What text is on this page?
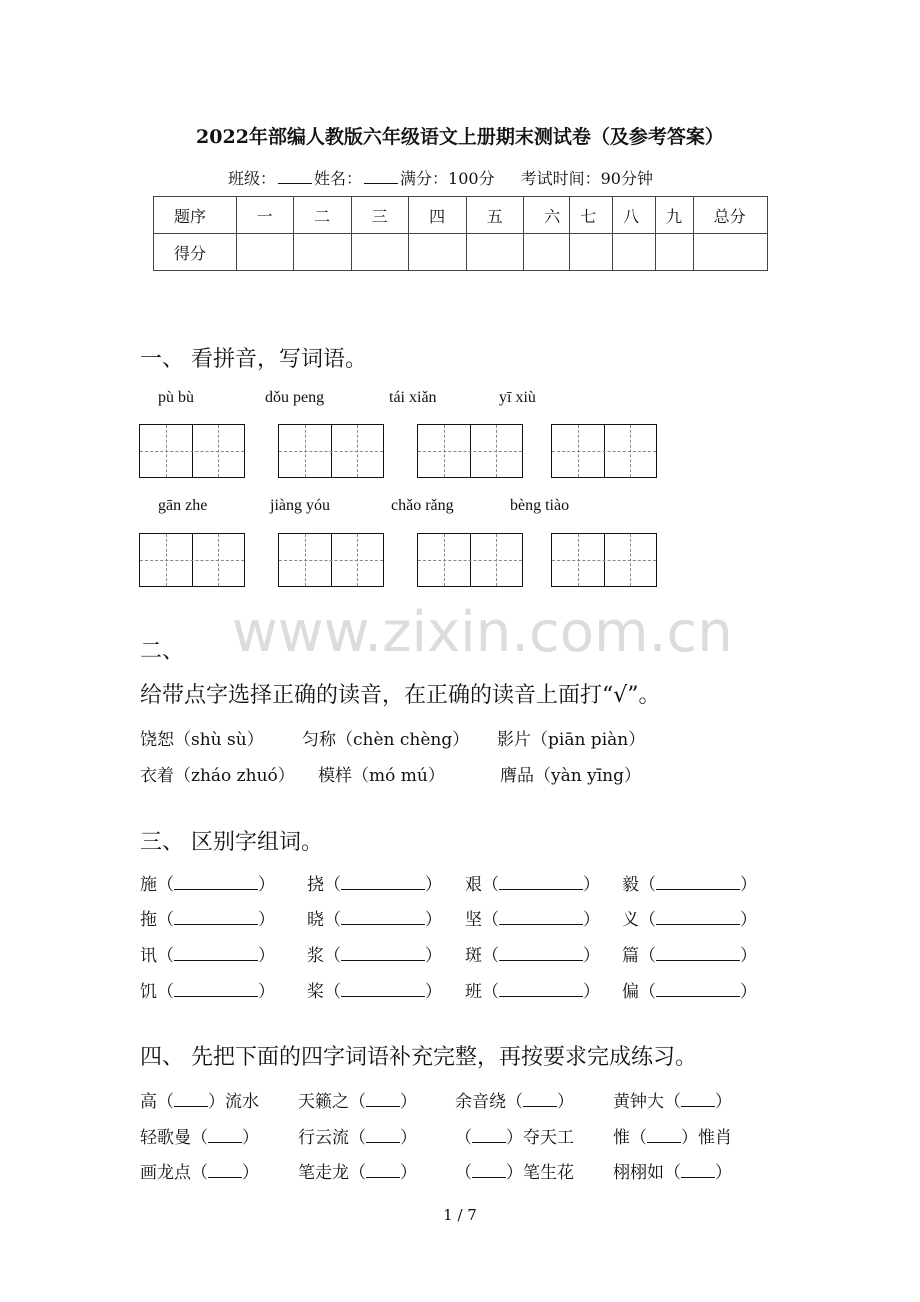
2022年部编人教版六年级语文上册期末测试卷（及参考答案）
班级： 姓名： 满分：100分 考试时间：90分钟
题序	一	二	三	四	五	六	七	八	九	总分
得分										
一、 看拼音，写词语。
pù bù	dǒu peng	tái xiǎn	yī xiù
gān zhe	jiàng yóu	chǎo rǎng	bèng tiào
www.zixin.com.cn
二、
给带点字选择正确的读音，在正确的读音上面打“√”。
饶恕（shù sù） 匀称（chèn chèng） 影片（piān piàn）
衣着（zháo zhuó） 模样（mó mú）	膺品（yàn yīng）
三、 区别字组词。
施（	） 挠（	） 艰（	） 毅（	）
拖（	） 晓（	） 坚（	） 义（	）
讯（	） 浆（	） 斑（	） 篇（	）
饥（	） 桨（	） 班（	） 偏（	）
四、 先把下面的四字词语补充完整，再按要求完成练习。
高（ ）流水 天籁之（ ） 余音绕（ ） 黄钟大（ ）
轻歌曼（ ） 行云流（ ） （ ）夺天工 惟（ ）惟肖
画龙点（ ） 笔走龙（ ） （ ）笔生花 栩栩如（ ）
1 / 7
